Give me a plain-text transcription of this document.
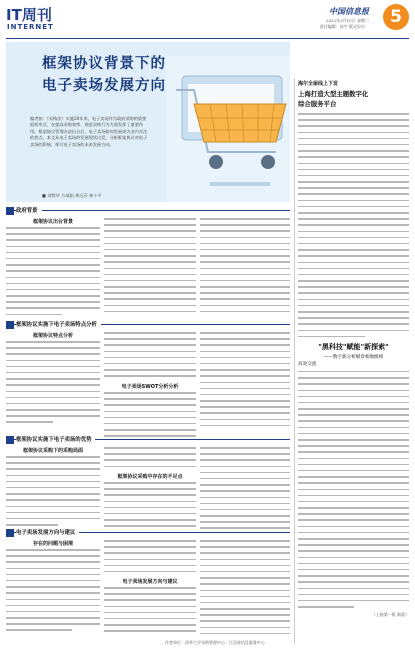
IT周刊
INTERNET
中国信息报
2022年3月15日 星期二
责任编辑：孙宇 版式设计：	5
框架协议背景下的
电子卖场发展方向
编者按：《采购法》实施20年来，电子卖场作为政府采购的重要组织形式，在提高采购效率、规范采购行为方面发挥了重要作用。框架协议管理办法出台后，电子卖场如何发展成为业内关注的焦点。本文从电子卖场的发展现状出发，分析框架协议对电子卖场的影响，探讨电子卖场的未来发展方向。
■ 刘铁华 方靖娟 黄远芬 林小平
政府背景
框架协议出台背景
框架协议实施下电子卖场特点分析
框架协议特点分析
电子卖场SWOT分析分析
框架协议实施下电子卖场的优势
框架协议采购下的采购局面
框架协议采购中存在的不足点
电子卖场发展方向与建议
存在的问题与困境
电子卖场发展方向与建议
作者单位：清华大学采购管理中心 · 江西省信息服务中心
海尔全屋线上下发
上海打造大型主题数字化
综合服务平台
"黑科技"赋能"新探索"
——数字新分析赋诊相地级相
高效交流
（上接第一版 新版）
